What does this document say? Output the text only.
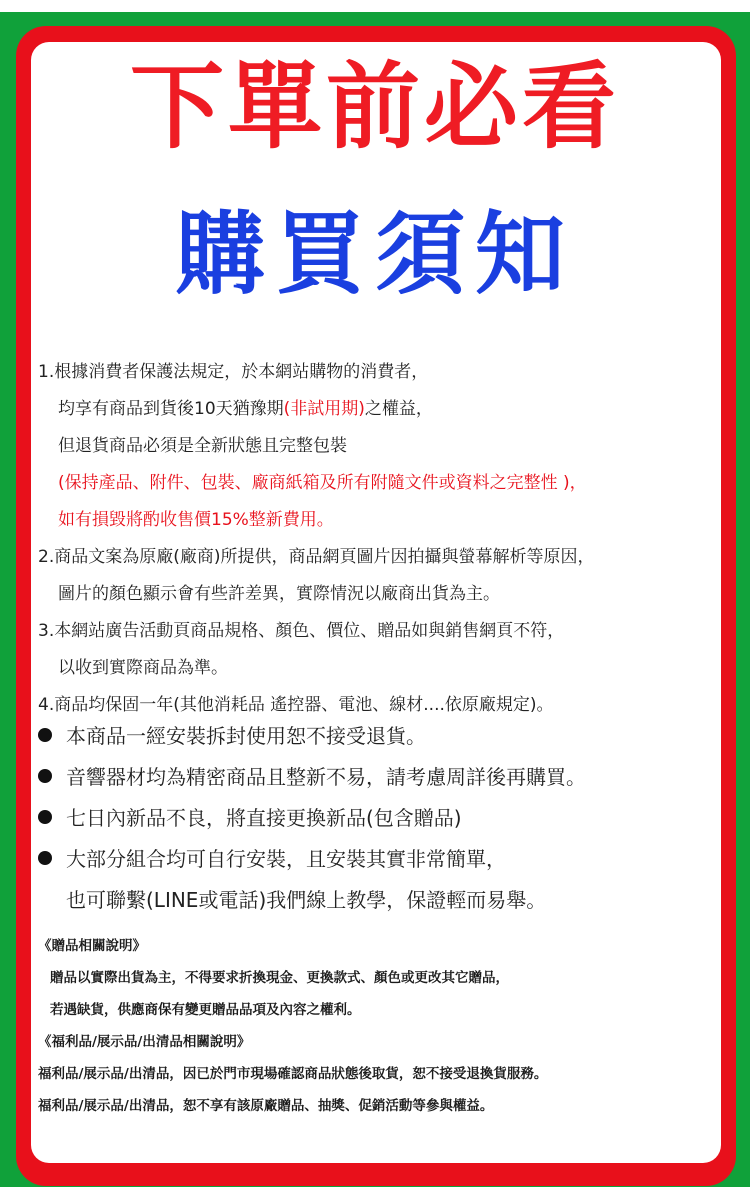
下單前必看
購買須知
1.根據消費者保護法規定，於本網站購物的消費者，
均享有商品到貨後10天猶豫期(非試用期)之權益，
但退貨商品必須是全新狀態且完整包裝
(保持產品、附件、包裝、廠商紙箱及所有附隨文件或資料之完整性 )，
如有損毀將酌收售價15%整新費用。
2.商品文案為原廠(廠商)所提供，商品網頁圖片因拍攝與螢幕解析等原因，
圖片的顏色顯示會有些許差異，實際情況以廠商出貨為主。
3.本網站廣告活動頁商品規格、顏色、價位、贈品如與銷售網頁不符，
以收到實際商品為準。
4.商品均保固一年(其他消耗品 遙控器、電池、線材....依原廠規定)。
本商品一經安裝拆封使用恕不接受退貨。
音響器材均為精密商品且整新不易，請考慮周詳後再購買。
七日內新品不良，將直接更換新品(包含贈品)
大部分組合均可自行安裝，且安裝其實非常簡單，
也可聯繫(LINE或電話)我們線上教學，保證輕而易舉。
《贈品相關說明》
贈品以實際出貨為主，不得要求折換現金、更換款式、顏色或更改其它贈品，
若遇缺貨，供應商保有變更贈品品項及內容之權利。
《福利品/展示品/出清品相關說明》
福利品/展示品/出清品，因已於門市現場確認商品狀態後取貨，恕不接受退換貨服務。
福利品/展示品/出清品，恕不享有該原廠贈品、抽獎、促銷活動等參與權益。
